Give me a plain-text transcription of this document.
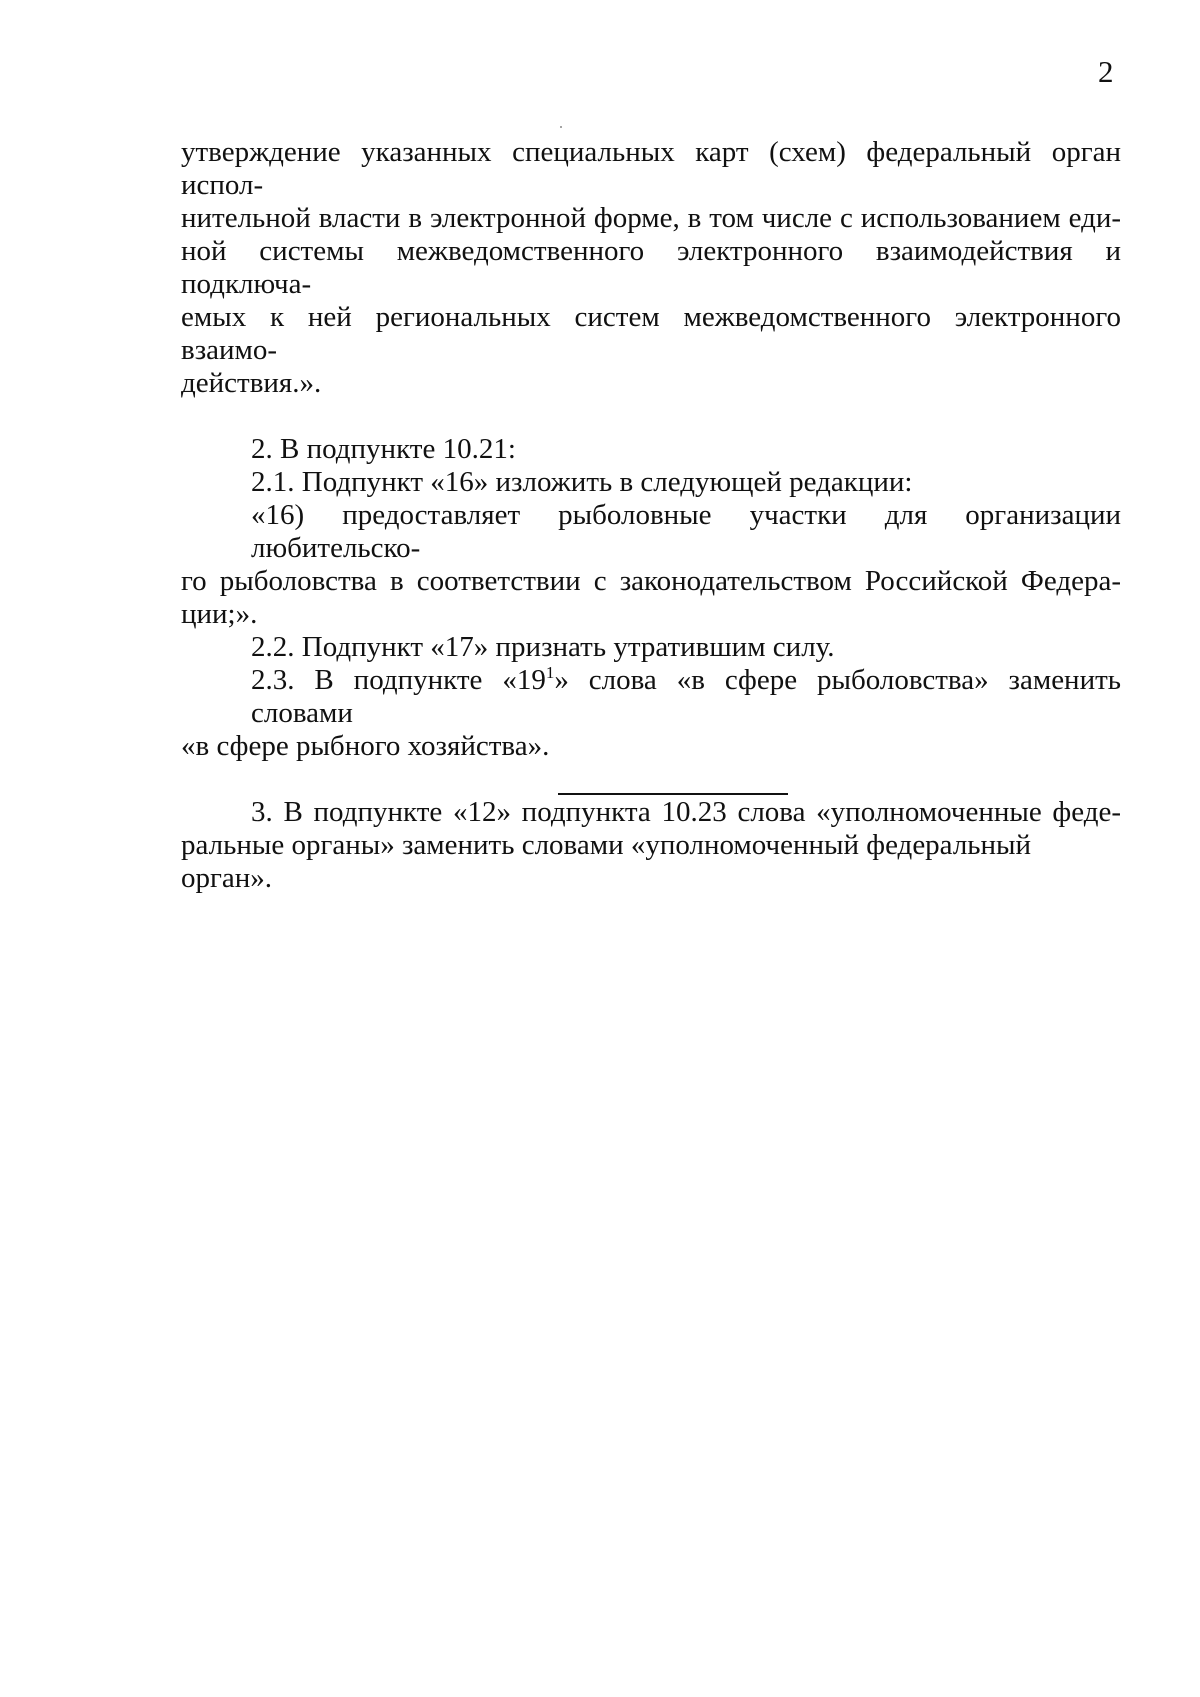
2

утверждение указанных специальных карт (схем) федеральный орган испол-
нительной власти в электронной форме, в том числе с использованием еди-
ной системы межведомственного электронного взаимодействия и подключа-
емых к ней региональных систем межведомственного электронного взаимо-
действия.».

2. В подпункте 10.21:

2.1. Подпункт «16» изложить в следующей редакции:

«16) предоставляет рыболовные участки для организации любительско-
го рыболовства в соответствии с законодательством Российской Федера-
ции;».

2.2. Подпункт «17» признать утратившим силу.

2.3. В подпункте «$19^1$» слова «в сфере рыболовства» заменить словами
«в сфере рыбного хозяйства».

3. В подпункте «12» подпункта 10.23 слова «уполномоченные феде-
ральные органы» заменить словами «уполномоченный федеральный орган».
